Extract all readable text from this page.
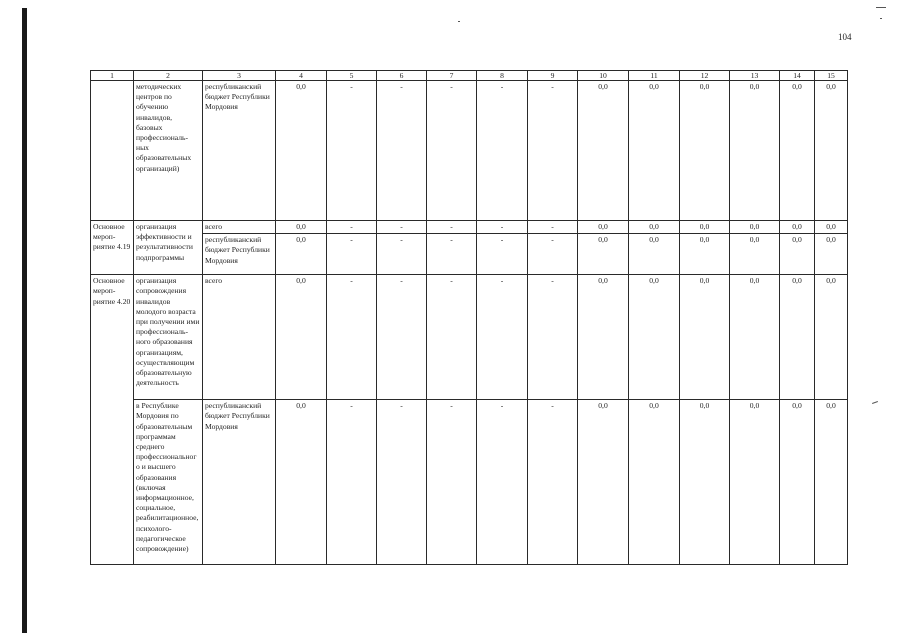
104
1	2	3	4	5	6	7	8	9	10	11	12	13	14	15
	методических центров по обучению инвалидов, базовых профессиональ-ных образовательных организаций)	республиканский бюджет Республики Мордовия	0,0	-	-	-	-	-	0,0	0,0	0,0	0,0	0,0	0,0
Основное мероп-риятие 4.19	организация эффективности и результативности подпрограммы	всего	0,0	-	-	-	-	-	0,0	0,0	0,0	0,0	0,0	0,0
		республиканский бюджет Республики Мордовия	0,0	-	-	-	-	-	0,0	0,0	0,0	0,0	0,0	0,0
Основное мероп-риятие 4.20	организация сопровождения инвалидов молодого возраста при получении ими профессиональ-ного образования организациям, осуществляющим образовательную деятельность	всего	0,0	-	-	-	-	-	0,0	0,0	0,0	0,0	0,0	0,0
	в Республике Мордовия по образовательным программам среднего профессионального и высшего образования (включая информационное, социальное, реабилитационное, психолого-педагогическое сопровождение)	республиканский бюджет Республики Мордовия	0,0	-	-	-	-	-	0,0	0,0	0,0	0,0	0,0	0,0
